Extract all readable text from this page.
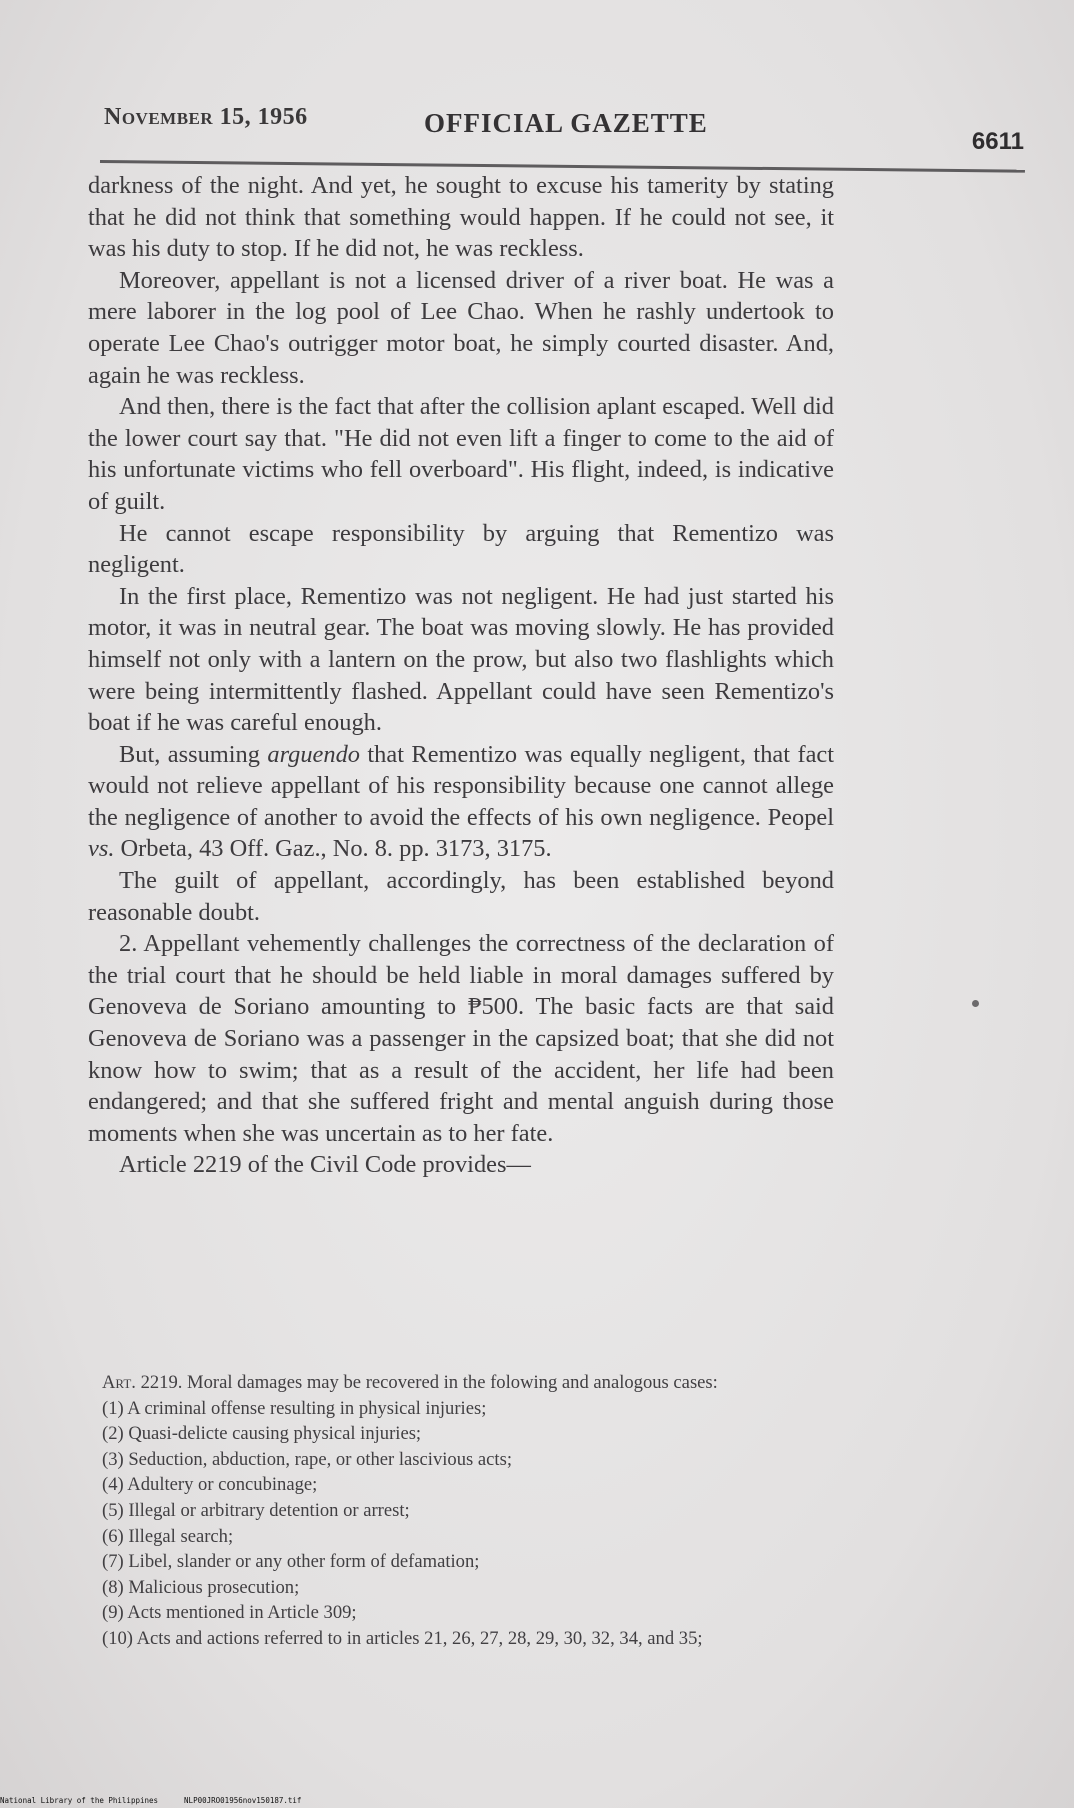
November 15, 1956	OFFICIAL GAZETTE
6611

darkness of the night. And yet, he sought to excuse his tamerity by stating that he did not think that something would happen. If he could not see, it was his duty to stop. If he did not, he was reckless.

Moreover, appellant is not a licensed driver of a river boat. He was a mere laborer in the log pool of Lee Chao. When he rashly undertook to operate Lee Chao's outrigger motor boat, he simply courted disaster. And, again he was reckless.

And then, there is the fact that after the collision aplant escaped. Well did the lower court say that. "He did not even lift a finger to come to the aid of his unfortunate victims who fell overboard". His flight, indeed, is indicative of guilt.

He cannot escape responsibility by arguing that Rementizo was negligent.

In the first place, Rementizo was not negligent. He had just started his motor, it was in neutral gear. The boat was moving slowly. He has provided himself not only with a lantern on the prow, but also two flashlights which were being intermittently flashed. Appellant could have seen Rementizo's boat if he was careful enough.

But, assuming arguendo that Rementizo was equally negligent, that fact would not relieve appellant of his responsibility because one cannot allege the negligence of another to avoid the effects of his own negligence. Peopel vs. Orbeta, 43 Off. Gaz., No. 8. pp. 3173, 3175.

The guilt of appellant, accordingly, has been established beyond reasonable doubt.

2. Appellant vehemently challenges the correctness of the declaration of the trial court that he should be held liable in moral damages suffered by Genoveva de Soriano amounting to ₱500. The basic facts are that said Genoveva de Soriano was a passenger in the capsized boat; that she did not know how to swim; that as a result of the accident, her life had been endangered; and that she suffered fright and mental anguish during those moments when she was uncertain as to her fate.

Article 2219 of the Civil Code provides—

Art. 2219. Moral damages may be recovered in the folowing and analogous cases:

(1) A criminal offense resulting in physical injuries;
(2) Quasi-delicte causing physical injuries;
(3) Seduction, abduction, rape, or other lascivious acts;
(4) Adultery or concubinage;
(5) Illegal or arbitrary detention or arrest;
(6) Illegal search;
(7) Libel, slander or any other form of defamation;
(8) Malicious prosecution;
(9) Acts mentioned in Article 309;

(10) Acts and actions referred to in articles 21, 26, 27, 28, 29, 30, 32, 34, and 35;

National Library of the Philippines	NLP00JRO01956nov150187.tif
